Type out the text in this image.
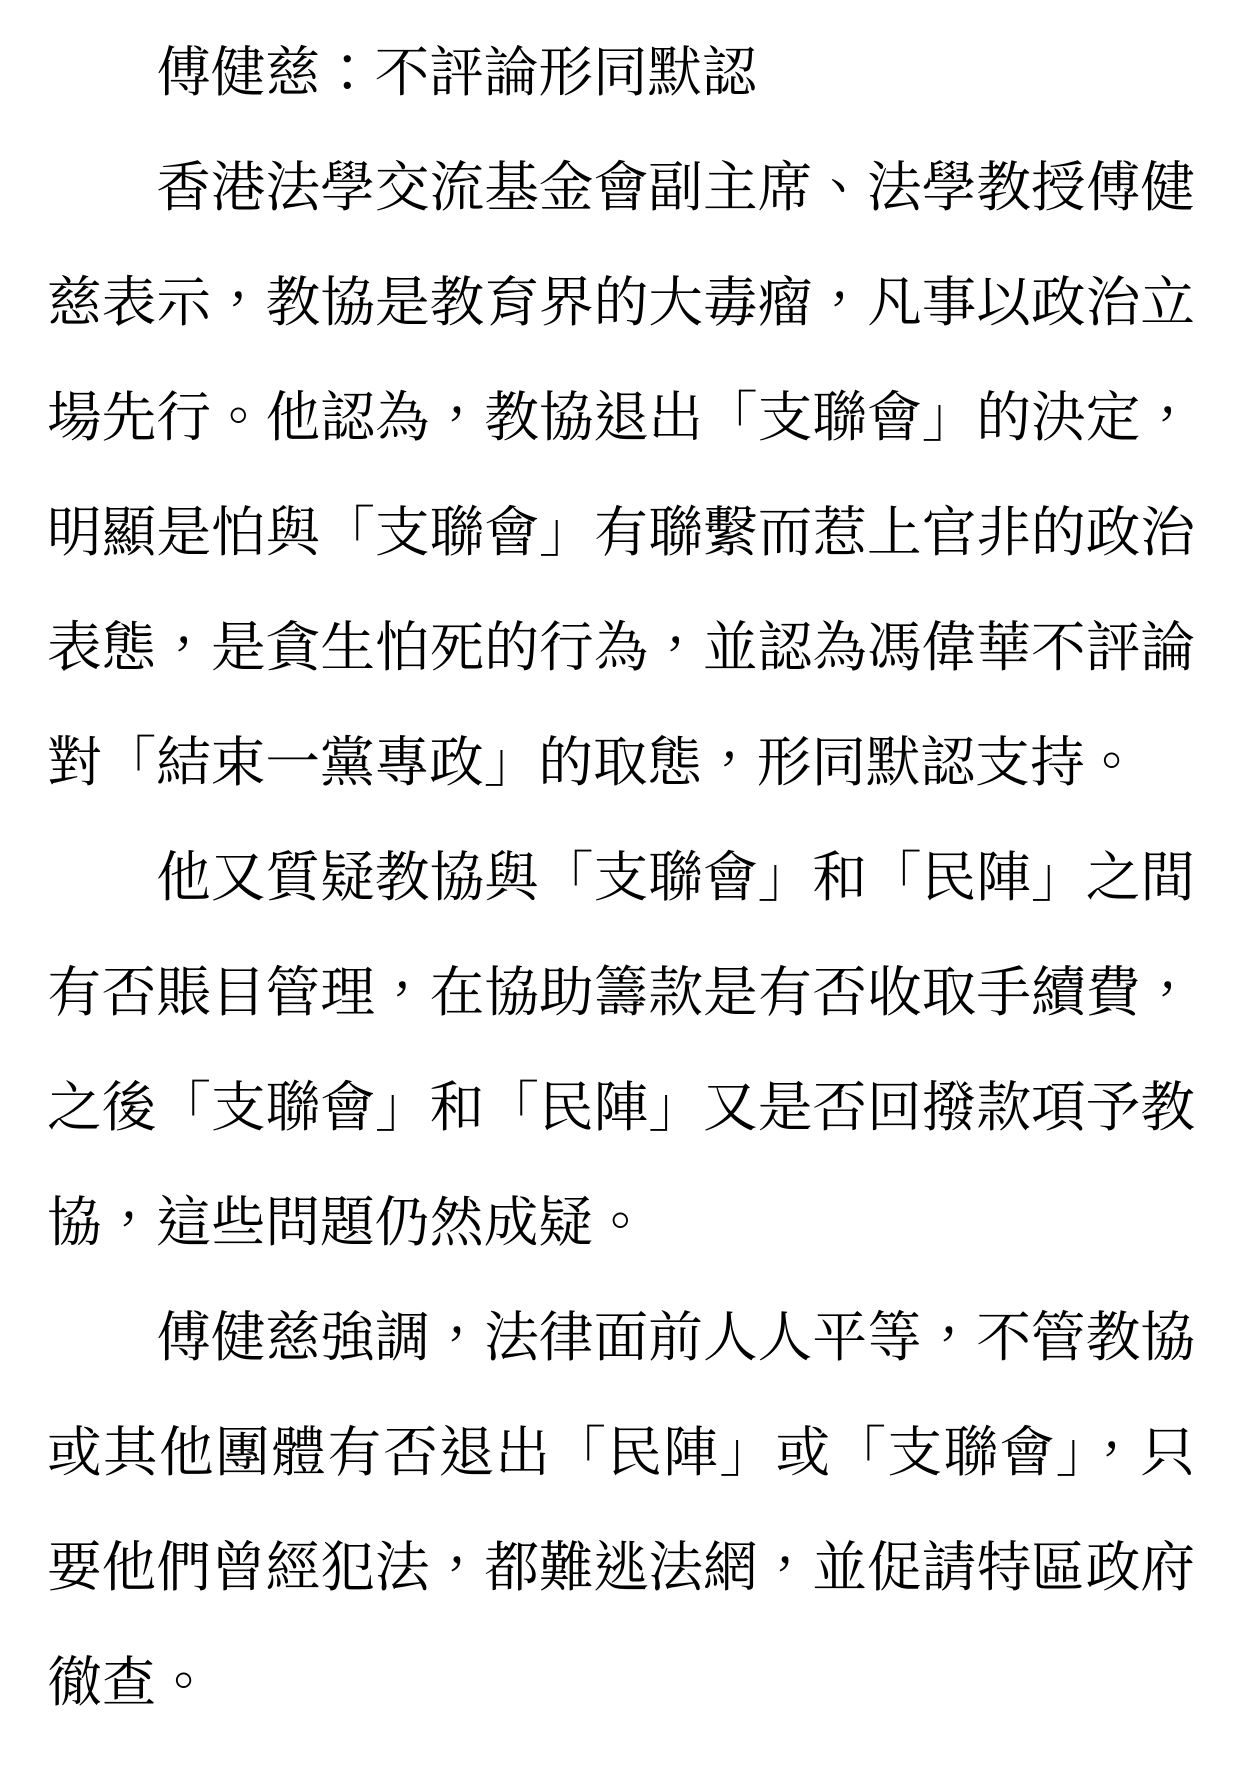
傅健慈：不評論形同默認

香港法學交流基金會副主席、法學教授傅健慈表示，教協是教育界的大毒瘤，凡事以政治立場先行。他認為，教協退出「支聯會」的決定，明顯是怕與「支聯會」有聯繫而惹上官非的政治表態，是貪生怕死的行為，並認為馮偉華不評論對「結束一黨專政」的取態，形同默認支持。

他又質疑教協與「支聯會」和「民陣」之間有否賬目管理，在協助籌款是有否收取手續費，之後「支聯會」和「民陣」又是否回撥款項予教協，這些問題仍然成疑。

傅健慈強調，法律面前人人平等，不管教協或其他團體有否退出「民陣」或「支聯會」，只要他們曾經犯法，都難逃法網，並促請特區政府徹查。
